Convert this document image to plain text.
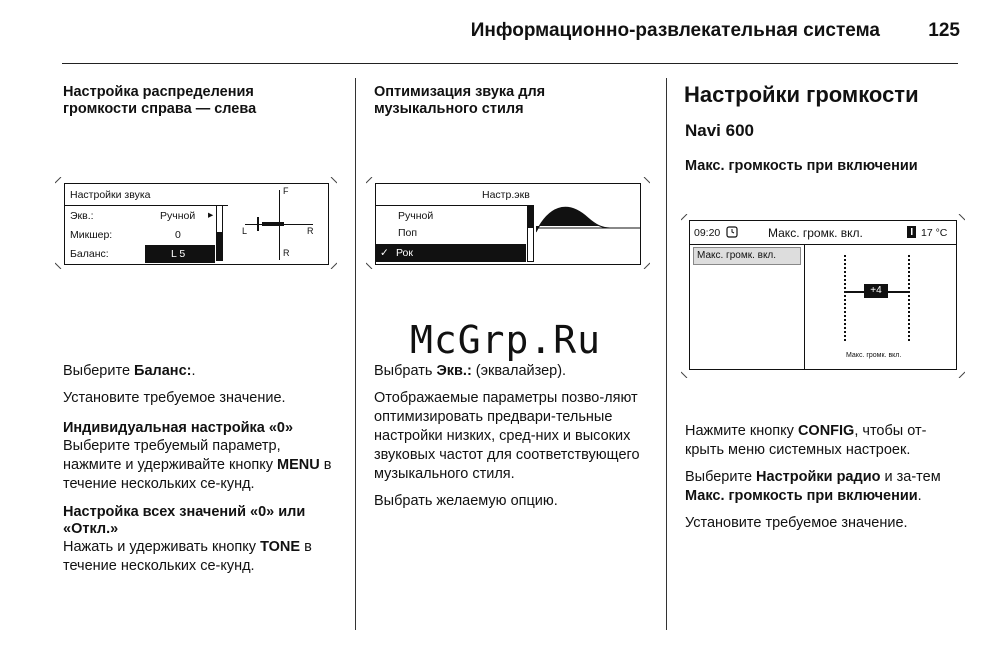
Информационно-развлекательная система	125
Настройка распределения громкости справа — слева
Настройки звука
Экв.:	Ручной ▸
Микшер:	0
Баланс:	L 5
F
L	R
R

Выберите Баланс:.

Установите требуемое значение.

Индивидуальная настройка «0»

Выберите требуемый параметр, нажмите и удерживайте кнопку MENU в течение нескольких се-кунд.

Настройка всех значений «0» или «Откл.»

Нажать и удерживать кнопку TONE в течение нескольких се-кунд.

Оптимизация звука для музыкального стиля
Настр.экв
Ручной
Поп
✓ Рок
McGrp.Ru

Выбрать Экв.: (эквалайзер).

Отображаемые параметры позво-ляют оптимизировать предвари-тельные настройки низких, сред-них и высоких звуковых частот для соответствующего музыкального стиля.

Выбрать желаемую опцию.

Настройки громкости
Navi 600
Макс. громкость при включении
09:20	Макс. громк. вкл.	17 °C
Макс. громк. вкл.
+4
Макс. громк. вкл.

Нажмите кнопку CONFIG, чтобы от-крыть меню системных настроек.

Выберите Настройки радио и за-тем Макс. громкость при включении.

Установите требуемое значение.
